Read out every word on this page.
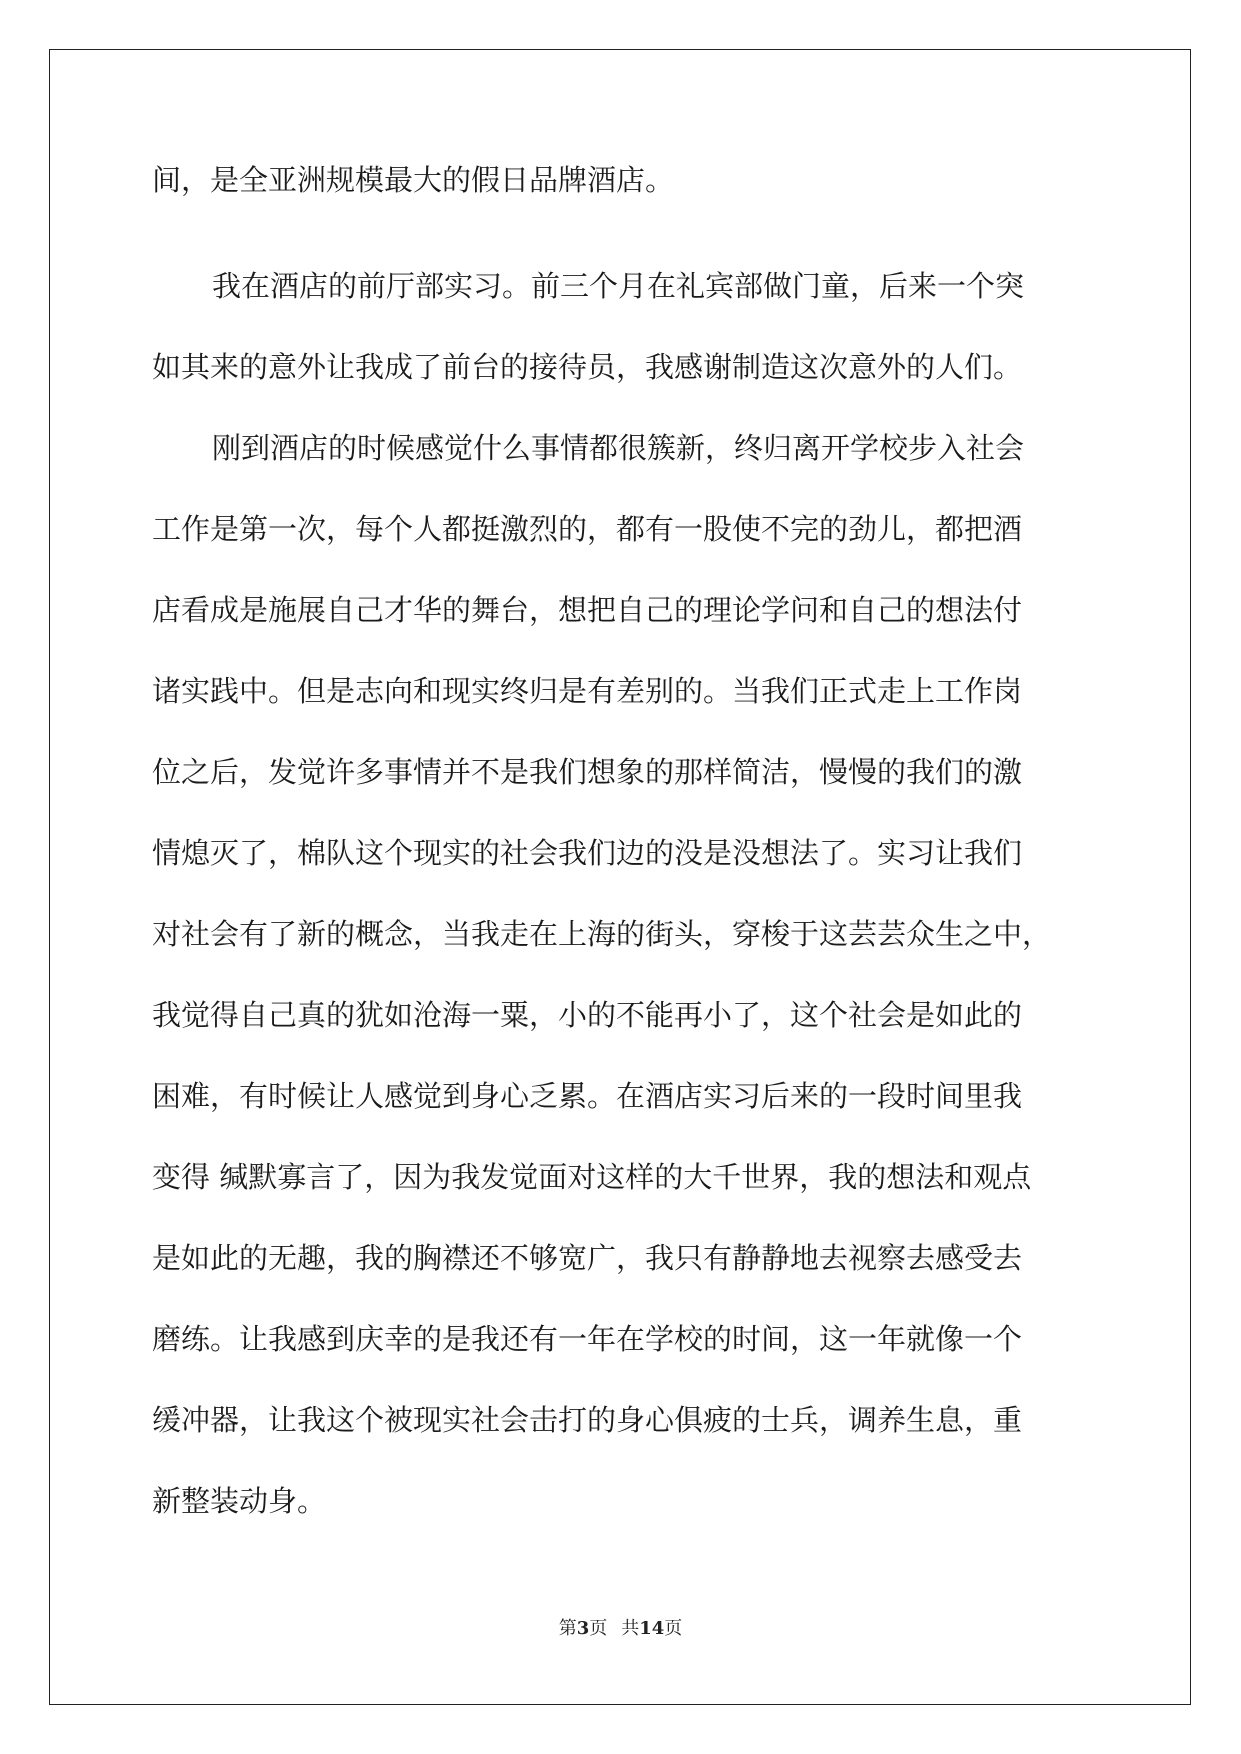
间，是全亚洲规模最大的假日品牌酒店。

我在酒店的前厅部实习。前三个月在礼宾部做门童，后来一个突

如其来的意外让我成了前台的接待员，我感谢制造这次意外的人们。

刚到酒店的时候感觉什么事情都很簇新，终归离开学校步入社会

工作是第一次，每个人都挺激烈的，都有一股使不完的劲儿，都把酒

店看成是施展自己才华的舞台，想把自己的理论学问和自己的想法付

诸实践中。但是志向和现实终归是有差别的。当我们正式走上工作岗

位之后，发觉许多事情并不是我们想象的那样简洁，慢慢的我们的激

情熄灭了，棉队这个现实的社会我们边的没是没想法了。实习让我们

对社会有了新的概念，当我走在上海的街头，穿梭于这芸芸众生之中，

我觉得自己真的犹如沧海一粟，小的不能再小了，这个社会是如此的

困难，有时候让人感觉到身心乏累。在酒店实习后来的一段时间里我

变得 缄默寡言了，因为我发觉面对这样的大千世界，我的想法和观点

是如此的无趣，我的胸襟还不够宽广，我只有静静地去视察去感受去

磨练。让我感到庆幸的是我还有一年在学校的时间，这一年就像一个

缓冲器，让我这个被现实社会击打的身心俱疲的士兵，调养生息，重

新整装动身。

第3页 共14页
